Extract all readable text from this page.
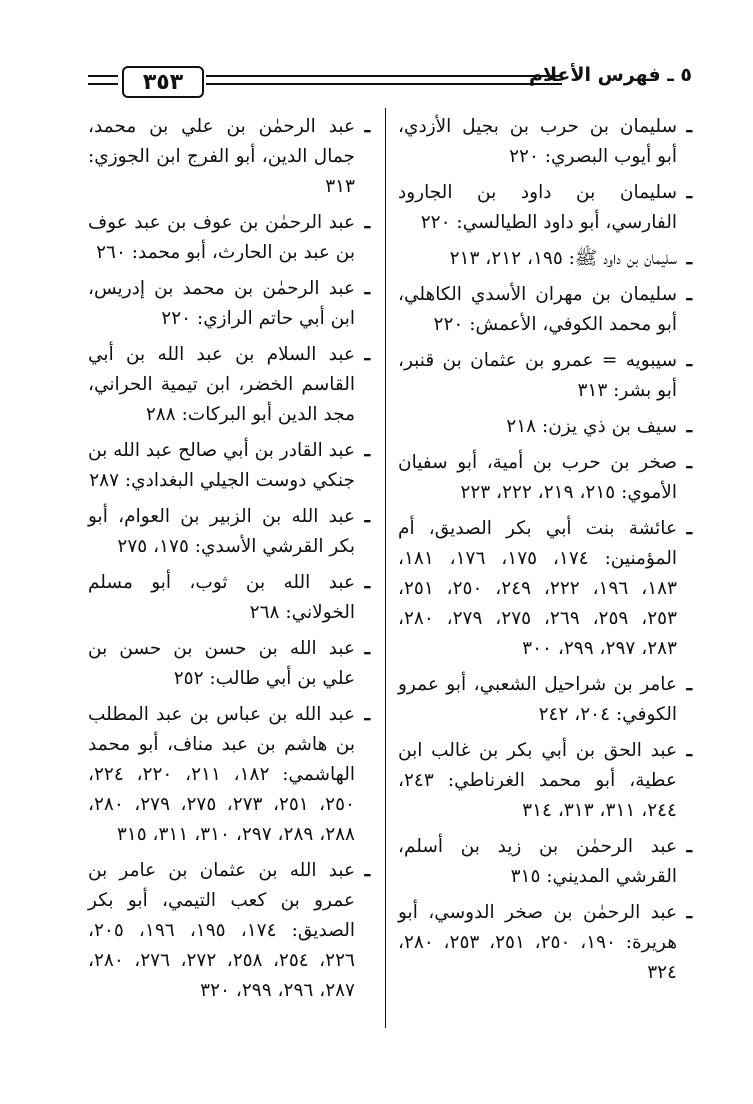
٣٥٣	٥ ـ فهرس الأعلام
ـ
سليمان بن حرب بن بجيل الأزدي، أبو أيوب البصري: ٢٢٠
ـ
سليمان بن داود بن الجارود الفارسي، أبو داود الطيالسي: ٢٢٠
ـ
سليمان بن داود ﷺ: ١٩٥، ٢١٢، ٢١٣
ـ
سليمان بن مهران الأسدي الكاهلي، أبو محمد الكوفي، الأعمش: ٢٢٠
ـ
سيبويه = عمرو بن عثمان بن قنبر، أبو بشر: ٣١٣
ـ
سيف بن ذي يزن: ٢١٨
ـ
صخر بن حرب بن أمية، أبو سفيان الأموي: ٢١٥، ٢١٩، ٢٢٢، ٢٢٣
ـ
عائشة بنت أبي بكر الصديق، أم المؤمنين: ١٧٤، ١٧٥، ١٧٦، ١٨١، ١٨٣، ١٩٦، ٢٢٢، ٢٤٩، ٢٥٠، ٢٥١، ٢٥٣، ٢٥٩، ٢٦٩، ٢٧٥، ٢٧٩، ٢٨٠، ٢٨٣، ٢٩٧، ٢٩٩، ٣٠٠
ـ
عامر بن شراحيل الشعبي، أبو عمرو الكوفي: ٢٠٤، ٢٤٢
ـ
عبد الحق بن أبي بكر بن غالب ابن عطية، أبو محمد الغرناطي: ٢٤٣، ٢٤٤، ٣١١، ٣١٣، ٣١٤
ـ
عبد الرحمٰن بن زيد بن أسلم، القرشي المديني: ٣١٥
ـ
عبد الرحمٰن بن صخر الدوسي، أبو هريرة: ١٩٠، ٢٥٠، ٢٥١، ٢٥٣، ٢٨٠، ٣٢٤
ـ
عبد الرحمٰن بن علي بن محمد، جمال الدين، أبو الفرج ابن الجوزي: ٣١٣
ـ
عبد الرحمٰن بن عوف بن عبد عوف بن عبد بن الحارث، أبو محمد: ٢٦٠
ـ
عبد الرحمٰن بن محمد بن إدريس، ابن أبي حاتم الرازي: ٢٢٠
ـ
عبد السلام بن عبد الله بن أبي القاسم الخضر، ابن تيمية الحراني، مجد الدين أبو البركات: ٢٨٨
ـ
عبد القادر بن أبي صالح عبد الله بن جنكي دوست الجيلي البغدادي: ٢٨٧
ـ
عبد الله بن الزبير بن العوام، أبو بكر القرشي الأسدي: ١٧٥، ٢٧٥
ـ
عبد الله بن ثوب، أبو مسلم الخولاني: ٢٦٨
ـ
عبد الله بن حسن بن حسن بن علي بن أبي طالب: ٢٥٢
ـ
عبد الله بن عباس بن عبد المطلب بن هاشم بن عبد مناف، أبو محمد الهاشمي: ١٨٢، ٢١١، ٢٢٠، ٢٢٤، ٢٥٠، ٢٥١، ٢٧٣، ٢٧٥، ٢٧٩، ٢٨٠، ٢٨٨، ٢٨٩، ٢٩٧، ٣١٠، ٣١١، ٣١٥
ـ
عبد الله بن عثمان بن عامر بن عمرو بن كعب التيمي، أبو بكر الصديق: ١٧٤، ١٩٥، ١٩٦، ٢٠٥، ٢٢٦، ٢٥٤، ٢٥٨، ٢٧٢، ٢٧٦، ٢٨٠، ٢٨٧، ٢٩٦، ٢٩٩، ٣٢٠
